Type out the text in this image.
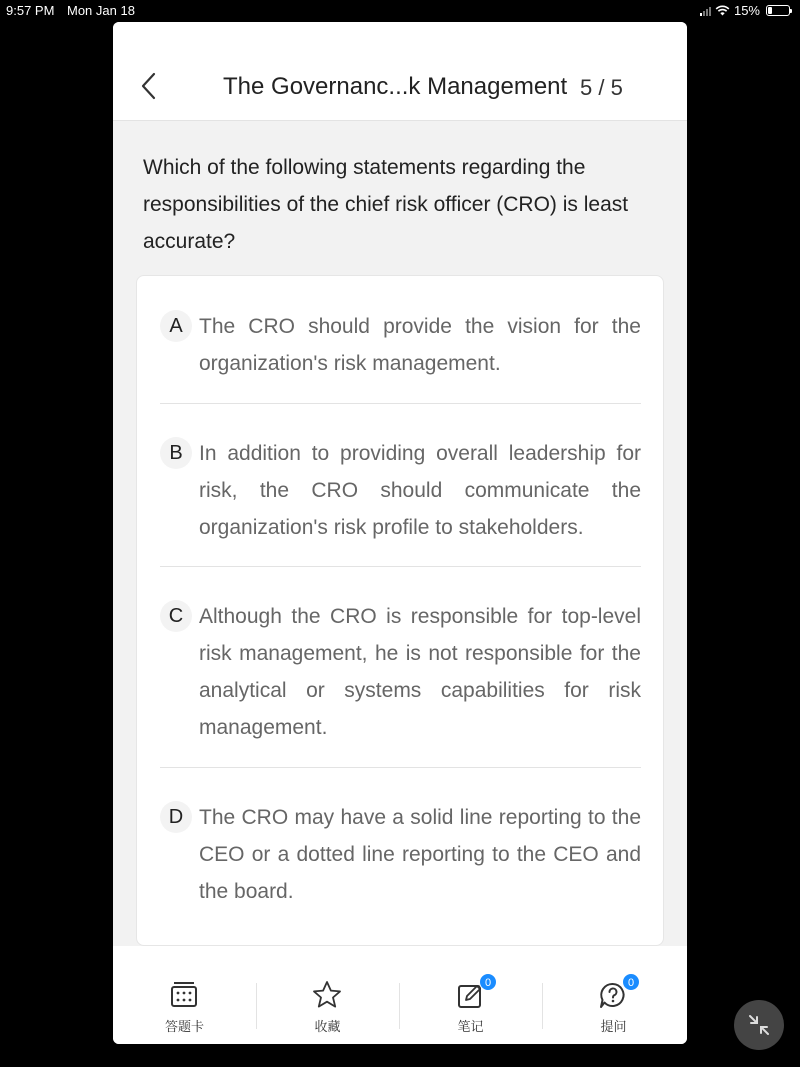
9:57 PM Mon Jan 18	15%
The Governanc...k Management 5 / 5
Which of the following statements regarding the responsibilities of the chief risk officer (CRO) is least accurate?
A The CRO should provide the vision for the organization's risk management.
B In addition to providing overall leadership for risk, the CRO should communicate the organization's risk profile to stakeholders.
C Although the CRO is responsible for top-level risk management, he is not responsible for the analytical or systems capabilities for risk management.
D The CRO may have a solid line reporting to the CEO or a dotted line reporting to the CEO and the board.
答题卡	收藏
0
笔记
0
提问
